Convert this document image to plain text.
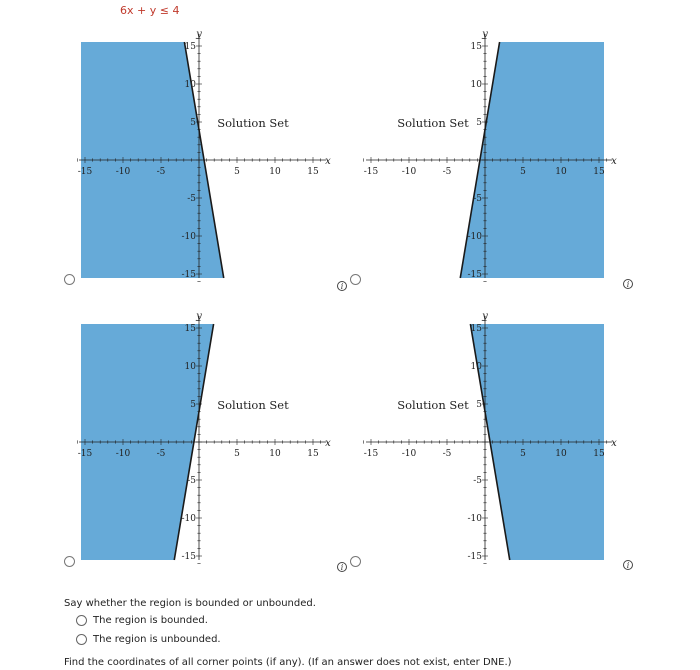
6x + y ≤ 4
y
x
-15	-10	-5	5	10	15
15
10
5
-5
-10
-15
Solution Set
y
x
-15	-10	-5	5	10	15
15
10
5
-5
-10
-15
Solution Set
y
x
-15	-10	-5	5	10	15
15
10
5
-5
-10
-15
Solution Set
y
x
-15	-10	-5	5	10	15
15
10
5
-5
-10
-15
Solution Set
i	i
i	i
Say whether the region is bounded or unbounded.
The region is bounded.
The region is unbounded.
Find the coordinates of all corner points (if any). (If an answer does not exist, enter DNE.)
